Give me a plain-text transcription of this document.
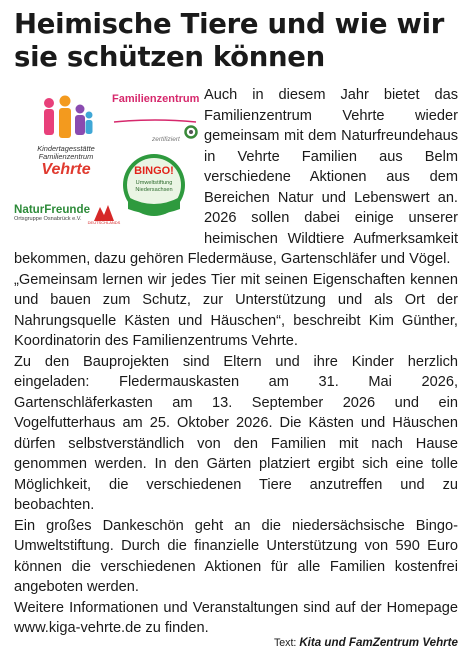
Heimische Tiere und wie wir sie schützen können
Kindertagesstätte
Familienzentrum
Vehrte
Familienzentrum
zertifiziert
BINGO!
Umweltstiftung
Niedersachsen
NaturFreunde
Ortsgruppe Osnabrück e.V.
DEUTSCHLANDS

Auch in diesem Jahr bietet das Familienzentrum Vehrte wieder gemeinsam mit dem Naturfreundehaus in Vehrte Familien aus Belm verschiedene Aktionen aus dem Bereichen Natur und Lebenswert an. 2026 sollen dabei einige unserer heimischen Wildtiere Aufmerksamkeit bekommen, dazu gehören Fledermäuse, Gartenschläfer und Vögel.

„Gemeinsam lernen wir jedes Tier mit seinen Eigenschaften kennen und bauen zum Schutz, zur Unterstützung und als Ort der Nahrungsquelle Kästen und Häuschen“, beschreibt Kim Günther, Koordinatorin des Familienzentrums Vehrte.

Zu den Bauprojekten sind Eltern und ihre Kinder herzlich eingeladen: Fledermauskasten am 31. Mai 2026, Gartenschläferkasten am 13. September 2026 und ein Vogelfutterhaus am 25. Oktober 2026. Die Kästen und Häuschen dürfen selbstverständlich von den Familien mit nach Hause genommen werden. In den Gärten platziert ergibt sich eine tolle Möglichkeit, die verschiedenen Tiere anzutreffen und zu beobachten.

Ein großes Dankeschön geht an die niedersächsische Bingo-Umweltstiftung. Durch die finanzielle Unterstützung von 590 Euro können die verschiedenen Aktionen für alle Familien kostenfrei angeboten werden.

Weitere Informationen und Veranstaltungen sind auf der Homepage www.kiga-vehrte.de zu finden.

Text: Kita und FamZentrum Vehrte
